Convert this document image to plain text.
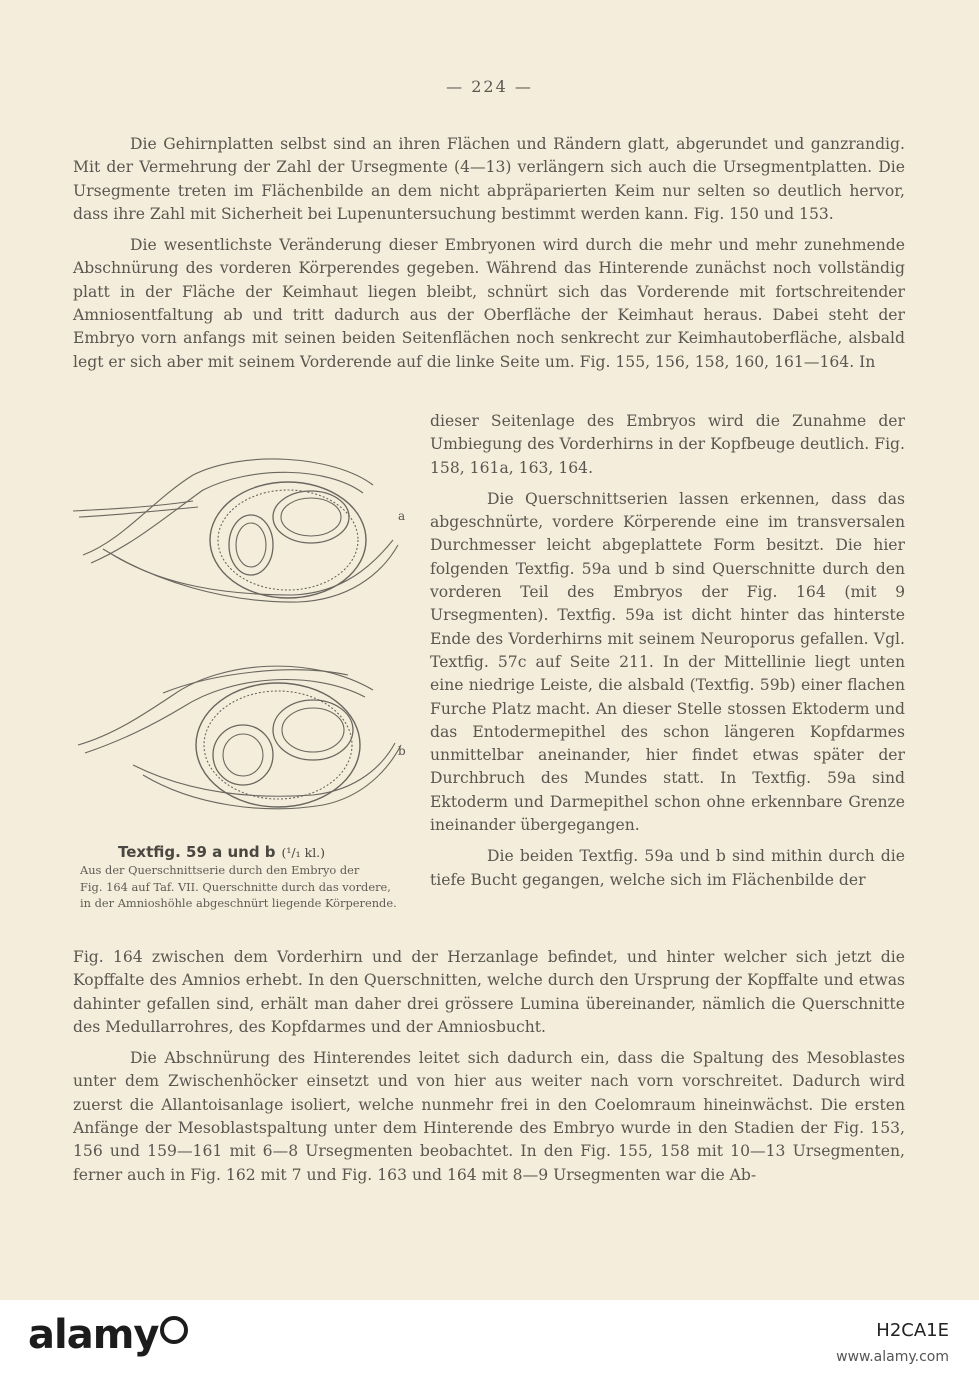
— 224 —

Die Gehirnplatten selbst sind an ihren Flächen und Rändern glatt, abgerundet und ganzrandig. Mit der Vermehrung der Zahl der Ursegmente (4—13) verlängern sich auch die Ursegmentplatten. Die Ursegmente treten im Flächenbilde an dem nicht abpräparierten Keim nur selten so deutlich hervor, dass ihre Zahl mit Sicherheit bei Lupenuntersuchung bestimmt werden kann. Fig. 150 und 153.

Die wesentlichste Veränderung dieser Embryonen wird durch die mehr und mehr zunehmende Abschnürung des vorderen Körperendes gegeben. Während das Hinterende zunächst noch vollständig platt in der Fläche der Keimhaut liegen bleibt, schnürt sich das Vorderende mit fortschreitender Amniosentfaltung ab und tritt dadurch aus der Oberfläche der Keimhaut heraus. Dabei steht der Embryo vorn anfangs mit seinen beiden Seitenflächen noch senkrecht zur Keimhautoberfläche, alsbald legt er sich aber mit seinem Vorderende auf die linke Seite um. Fig. 155, 156, 158, 160, 161—164. In

a
b
Textfig. 59 a und b (¹/₁ kl.)
Aus der Querschnittserie durch den Embryo der
Fig. 164 auf Taf. VII. Querschnitte durch das vordere,
in der Amnioshöhle abgeschnürt liegende Körperende.

dieser Seitenlage des Embryos wird die Zunahme der Umbiegung des Vorderhirns in der Kopfbeuge deutlich. Fig. 158, 161a, 163, 164.

Die Querschnittserien lassen erkennen, dass das abgeschnürte, vordere Körperende eine im transversalen Durchmesser leicht abgeplattete Form besitzt. Die hier folgenden Textfig. 59a und b sind Querschnitte durch den vorderen Teil des Embryos der Fig. 164 (mit 9 Ursegmenten). Textfig. 59a ist dicht hinter das hinterste Ende des Vorderhirns mit seinem Neuroporus gefallen. Vgl. Textfig. 57c auf Seite 211. In der Mittellinie liegt unten eine niedrige Leiste, die alsbald (Textfig. 59b) einer flachen Furche Platz macht. An dieser Stelle stossen Ektoderm und das Entodermepithel des schon längeren Kopfdarmes unmittelbar aneinander, hier findet etwas später der Durchbruch des Mundes statt. In Textfig. 59a sind Ektoderm und Darmepithel schon ohne erkennbare Grenze ineinander übergegangen.

Die beiden Textfig. 59a und b sind mithin durch die tiefe Bucht gegangen, welche sich im Flächenbilde der

Fig. 164 zwischen dem Vorderhirn und der Herzanlage befindet, und hinter welcher sich jetzt die Kopffalte des Amnios erhebt. In den Querschnitten, welche durch den Ursprung der Kopffalte und etwas dahinter gefallen sind, erhält man daher drei grössere Lumina übereinander, nämlich die Querschnitte des Medullarrohres, des Kopfdarmes und der Amniosbucht.

Die Abschnürung des Hinterendes leitet sich dadurch ein, dass die Spaltung des Mesoblastes unter dem Zwischenhöcker einsetzt und von hier aus weiter nach vorn vorschreitet. Dadurch wird zuerst die Allantoisanlage isoliert, welche nunmehr frei in den Coelomraum hineinwächst. Die ersten Anfänge der Mesoblastspaltung unter dem Hinterende des Embryo wurde in den Stadien der Fig. 153, 156 und 159—161 mit 6—8 Ursegmenten beobachtet. In den Fig. 155, 158 mit 10—13 Ursegmenten, ferner auch in Fig. 162 mit 7 und Fig. 163 und 164 mit 8—9 Ursegmenten war die Ab-

alamy	H2CA1E
www.alamy.com
